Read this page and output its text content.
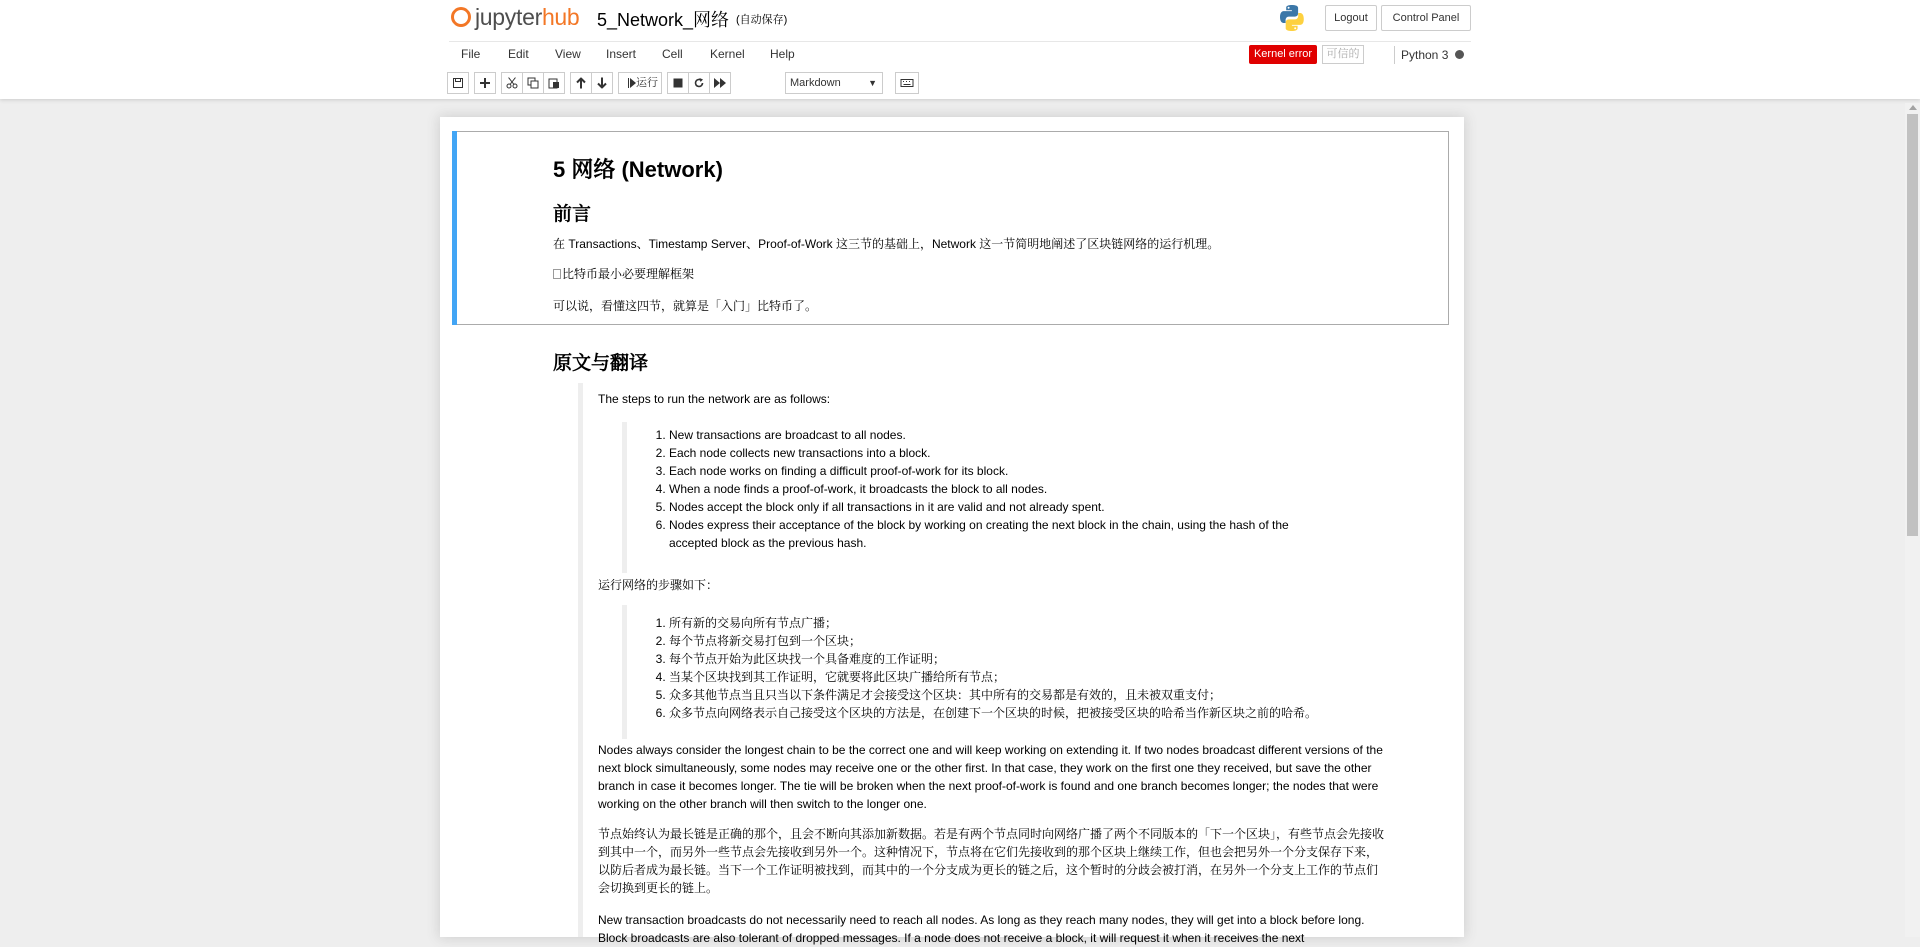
jupyterhub 5_Network_网络 (自动保存)	Logout	Control Panel
File Edit View Insert Cell Kernel Help	Kernel error	可信的	Python 3
运行	Markdown	▼
5 网络 (Network)
前言
在 Transactions、Timestamp Server、Proof-of-Work 这三节的基础上，Network 这一节简明地阐述了区块链网络的运行机理。
比特币最小必要理解框架
可以说，看懂这四节，就算是「入门」比特币了。
原文与翻译
The steps to run the network are as follows:
1. New transactions are broadcast to all nodes.
2. Each node collects new transactions into a block.
3. Each node works on finding a difficult proof-of-work for its block.
4. When a node finds a proof-of-work, it broadcasts the block to all nodes.
5. Nodes accept the block only if all transactions in it are valid and not already spent.
6. Nodes express their acceptance of the block by working on creating the next block in the chain, using the hash of the
accepted block as the previous hash.
运行网络的步骤如下：
1. 所有新的交易向所有节点广播；
2. 每个节点将新交易打包到一个区块；
3. 每个节点开始为此区块找一个具备难度的工作证明；
4. 当某个区块找到其工作证明，它就要将此区块广播给所有节点；
5. 众多其他节点当且只当以下条件满足才会接受这个区块：其中所有的交易都是有效的，且未被双重支付；
6. 众多节点向网络表示自己接受这个区块的方法是，在创建下一个区块的时候，把被接受区块的哈希当作新区块之前的哈希。
Nodes always consider the longest chain to be the correct one and will keep working on extending it. If two nodes broadcast different versions of the next block simultaneously, some nodes may receive one or the other first. In that case, they work on the first one they received, but save the other branch in case it becomes longer. The tie will be broken when the next proof-of-work is found and one branch becomes longer; the nodes that were working on the other branch will then switch to the longer one.
节点始终认为最长链是正确的那个，且会不断向其添加新数据。若是有两个节点同时向网络广播了两个不同版本的「下一个区块」，有些节点会先接收到其中一个，而另外一些节点会先接收到另外一个。这种情况下，节点将在它们先接收到的那个区块上继续工作，但也会把另外一个分支保存下来，以防后者成为最长链。当下一个工作证明被找到，而其中的一个分支成为更长的链之后，这个暂时的分歧会被打消，在另外一个分支上工作的节点们会切换到更长的链上。
New transaction broadcasts do not necessarily need to reach all nodes. As long as they reach many nodes, they will get into a block before long. Block broadcasts are also tolerant of dropped messages. If a node does not receive a block, it will request it when it receives the next
